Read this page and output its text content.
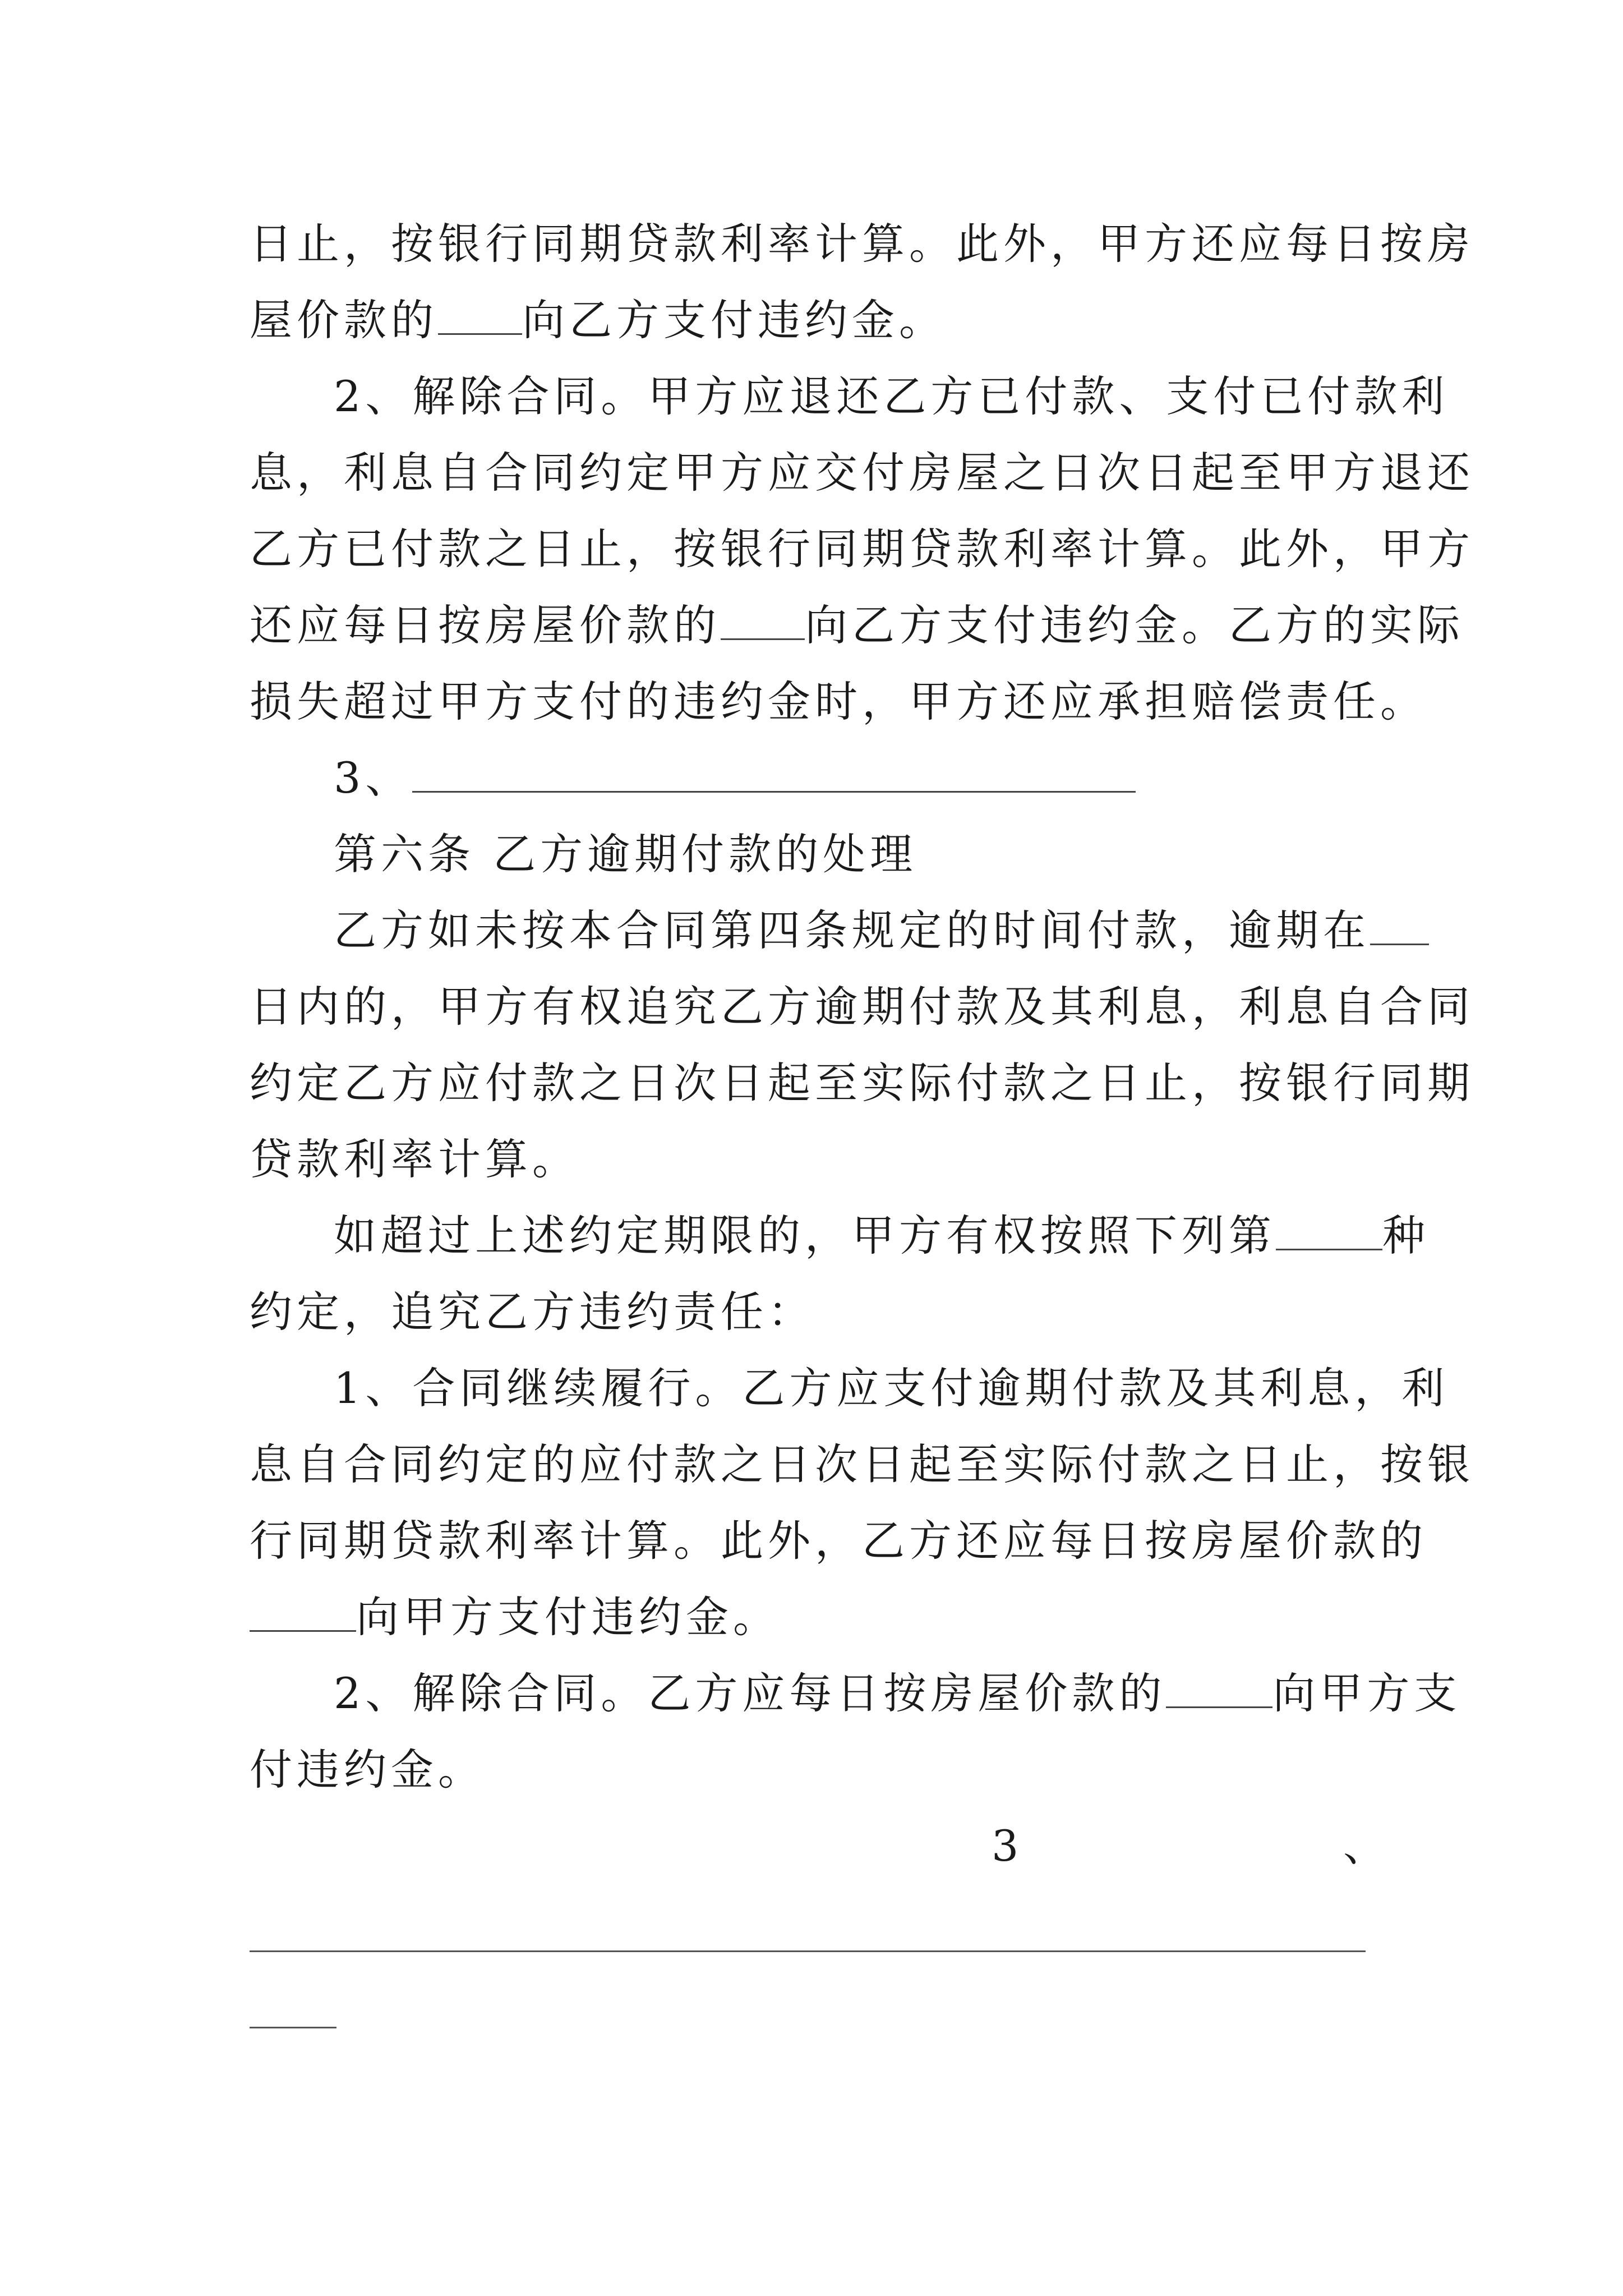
日止，按银行同期贷款利率计算。此外，甲方还应每日按房
屋价款的 向乙方支付违约金。
2、解除合同。甲方应退还乙方已付款、支付已付款利
息，利息自合同约定甲方应交付房屋之日次日起至甲方退还
乙方已付款之日止，按银行同期贷款利率计算。此外，甲方
还应每日按房屋价款的 向乙方支付违约金。乙方的实际
损失超过甲方支付的违约金时，甲方还应承担赔偿责任。
3、
第六条 乙方逾期付款的处理
乙方如未按本合同第四条规定的时间付款，逾期在
日内的，甲方有权追究乙方逾期付款及其利息，利息自合同
约定乙方应付款之日次日起至实际付款之日止，按银行同期
贷款利率计算。
如超过上述约定期限的，甲方有权按照下列第	种
约定，追究乙方违约责任：
1、合同继续履行。乙方应支付逾期付款及其利息，利
息自合同约定的应付款之日次日起至实际付款之日止，按银
行同期贷款利率计算。此外，乙方还应每日按房屋价款的
向甲方支付违约金。
2、解除合同。乙方应每日按房屋价款的	向甲方支
付违约金。
3	、
